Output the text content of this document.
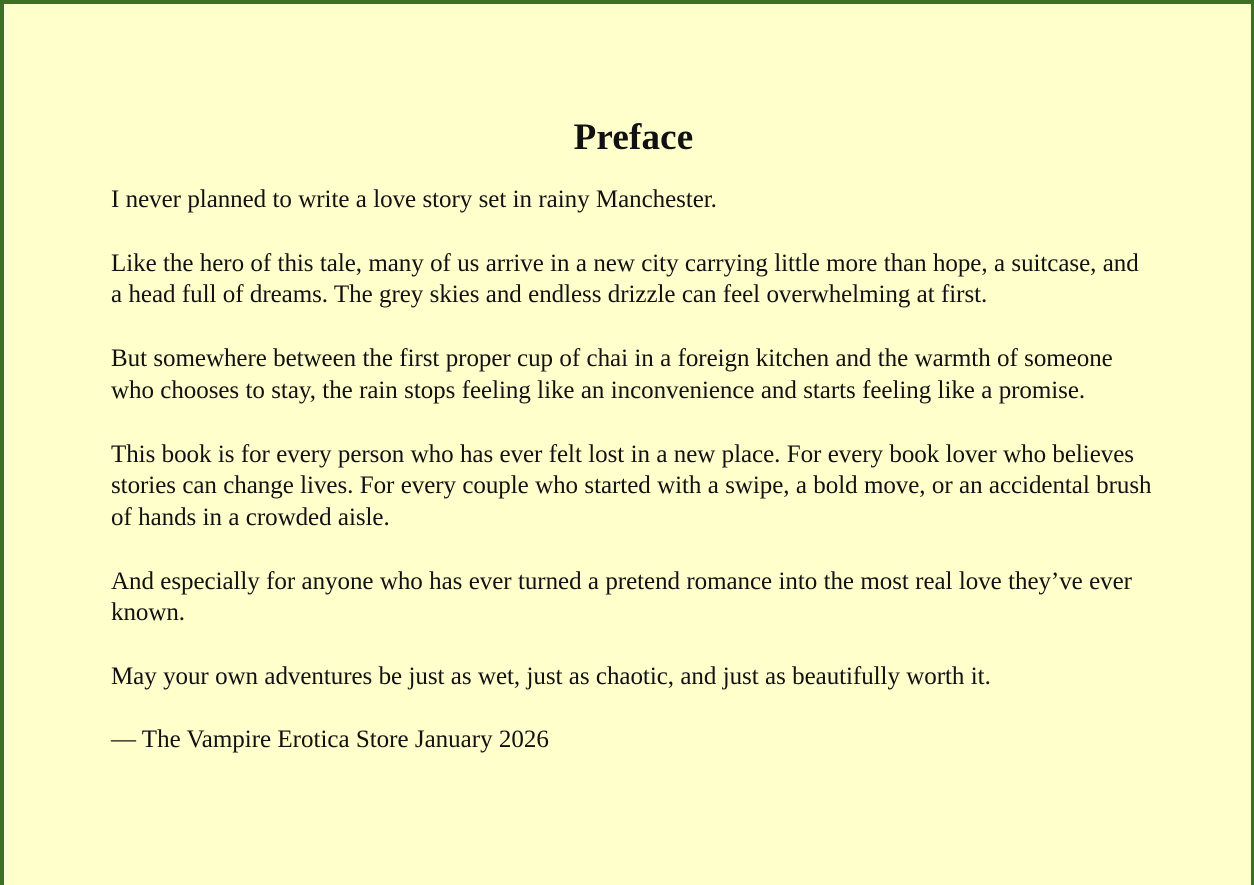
Preface

I never planned to write a love story set in rainy Manchester.

Like the hero of this tale, many of us arrive in a new city carrying little more than hope, a suitcase, and a head full of dreams. The grey skies and endless drizzle can feel overwhelming at first.

But somewhere between the first proper cup of chai in a foreign kitchen and the warmth of someone who chooses to stay, the rain stops feeling like an inconvenience and starts feeling like a promise.

This book is for every person who has ever felt lost in a new place. For every book lover who believes stories can change lives. For every couple who started with a swipe, a bold move, or an accidental brush of hands in a crowded aisle.

And especially for anyone who has ever turned a pretend romance into the most real love they’ve ever known.

May your own adventures be just as wet, just as chaotic, and just as beautifully worth it.

— The Vampire Erotica Store January 2026
